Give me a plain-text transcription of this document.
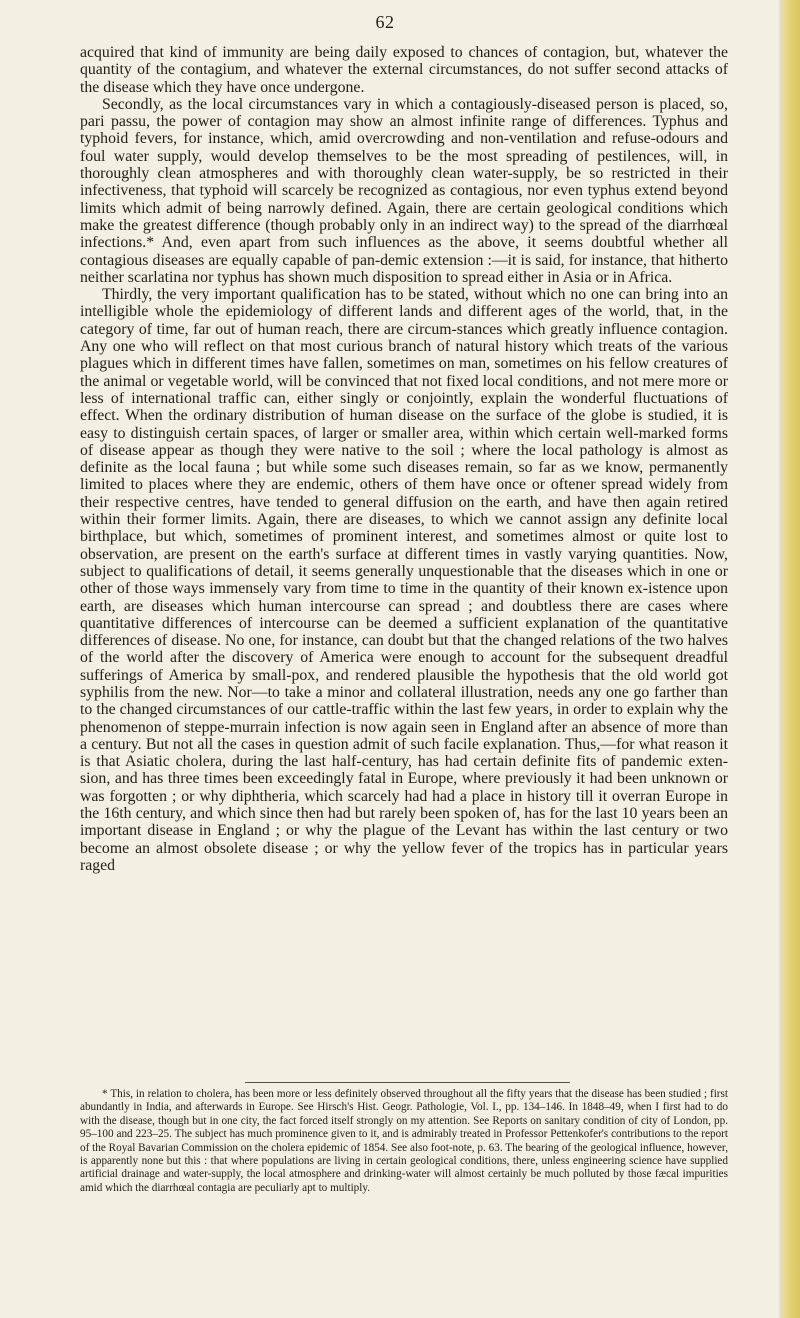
62

acquired that kind of immunity are being daily exposed to chances of contagion, but, whatever the quantity of the contagium, and whatever the external circumstances, do not suffer second attacks of the disease which they have once undergone.

Secondly, as the local circumstances vary in which a contagiously-diseased person is placed, so, pari passu, the power of contagion may show an almost infinite range of differences. Typhus and typhoid fevers, for instance, which, amid overcrowding and non-ventilation and refuse-odours and foul water supply, would develop themselves to be the most spreading of pestilences, will, in thoroughly clean atmospheres and with thoroughly clean water-supply, be so restricted in their infectiveness, that typhoid will scarcely be recognized as contagious, nor even typhus extend beyond limits which admit of being narrowly defined. Again, there are certain geological conditions which make the greatest difference (though probably only in an indirect way) to the spread of the diarrhœal infections.* And, even apart from such influences as the above, it seems doubtful whether all contagious diseases are equally capable of pan-demic extension :—it is said, for instance, that hitherto neither scarlatina nor typhus has shown much disposition to spread either in Asia or in Africa.

Thirdly, the very important qualification has to be stated, without which no one can bring into an intelligible whole the epidemiology of different lands and different ages of the world, that, in the category of time, far out of human reach, there are circum-stances which greatly influence contagion. Any one who will reflect on that most curious branch of natural history which treats of the various plagues which in different times have fallen, sometimes on man, sometimes on his fellow creatures of the animal or vegetable world, will be convinced that not fixed local conditions, and not mere more or less of international traffic can, either singly or conjointly, explain the wonderful fluctuations of effect. When the ordinary distribution of human disease on the surface of the globe is studied, it is easy to distinguish certain spaces, of larger or smaller area, within which certain well-marked forms of disease appear as though they were native to the soil ; where the local pathology is almost as definite as the local fauna ; but while some such diseases remain, so far as we know, permanently limited to places where they are endemic, others of them have once or oftener spread widely from their respective centres, have tended to general diffusion on the earth, and have then again retired within their former limits. Again, there are diseases, to which we cannot assign any definite local birthplace, but which, sometimes of prominent interest, and sometimes almost or quite lost to observation, are present on the earth's surface at different times in vastly varying quantities. Now, subject to qualifications of detail, it seems generally unquestionable that the diseases which in one or other of those ways immensely vary from time to time in the quantity of their known ex-istence upon earth, are diseases which human intercourse can spread ; and doubtless there are cases where quantitative differences of intercourse can be deemed a sufficient explanation of the quantitative differences of disease. No one, for instance, can doubt but that the changed relations of the two halves of the world after the discovery of America were enough to account for the subsequent dreadful sufferings of America by small-pox, and rendered plausible the hypothesis that the old world got syphilis from the new. Nor—to take a minor and collateral illustration, needs any one go farther than to the changed circumstances of our cattle-traffic within the last few years, in order to explain why the phenomenon of steppe-murrain infection is now again seen in England after an absence of more than a century. But not all the cases in question admit of such facile explanation. Thus,—for what reason it is that Asiatic cholera, during the last half-century, has had certain definite fits of pandemic exten-sion, and has three times been exceedingly fatal in Europe, where previously it had been unknown or was forgotten ; or why diphtheria, which scarcely had had a place in history till it overran Europe in the 16th century, and which since then had but rarely been spoken of, has for the last 10 years been an important disease in England ; or why the plague of the Levant has within the last century or two become an almost obsolete disease ; or why the yellow fever of the tropics has in particular years raged

* This, in relation to cholera, has been more or less definitely observed throughout all the fifty years that the disease has been studied ; first abundantly in India, and afterwards in Europe. See Hirsch's Hist. Geogr. Pathologie, Vol. I., pp. 134–146. In 1848–49, when I first had to do with the disease, though but in one city, the fact forced itself strongly on my attention. See Reports on sanitary condition of city of London, pp. 95–100 and 223–25. The subject has much prominence given to it, and is admirably treated in Professor Pettenkofer's contributions to the report of the Royal Bavarian Commission on the cholera epidemic of 1854. See also foot-note, p. 63. The bearing of the geological influence, however, is apparently none but this : that where populations are living in certain geological conditions, there, unless engineering science have supplied artificial drainage and water-supply, the local atmosphere and drinking-water will almost certainly be much polluted by those fæcal impurities amid which the diarrhœal contagia are peculiarly apt to multiply.
